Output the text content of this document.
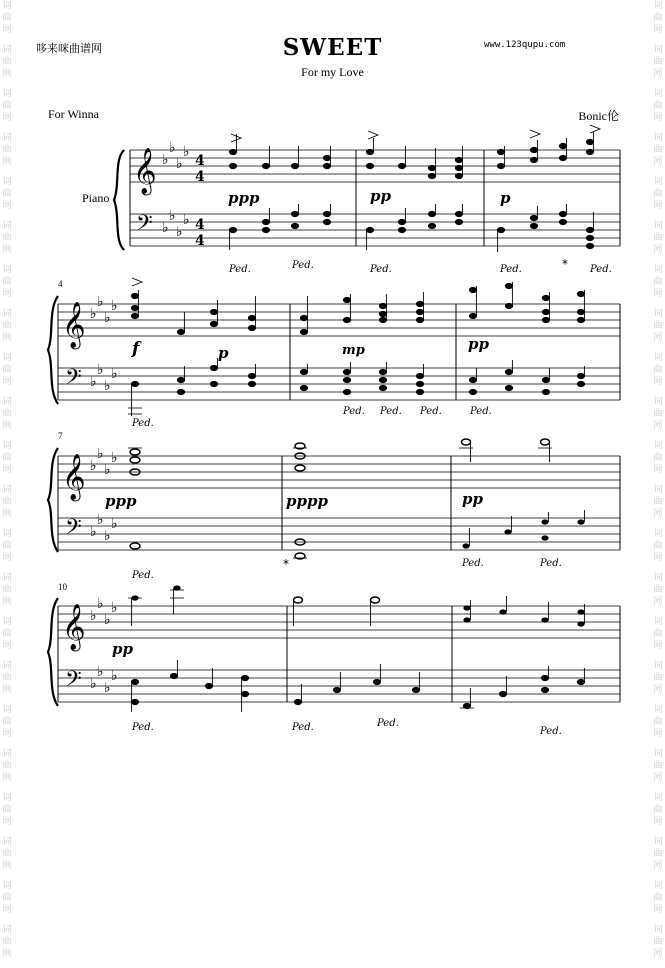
词
曲
网
词
曲
网
词
曲
网
词
曲
网
词
曲
网
词
曲
网
词
曲
网
词
曲
网
词
曲
网
词
曲
网
词
曲
网
词
曲
网
词
曲
网
词
曲
网
词
曲
网
词
曲
网
词
曲
网
词
曲
网
词
曲
网
词
曲
网
词
曲
网
词
曲
网
词
曲
网
词
曲
网
词
曲
网
词
曲
网
词
曲
网
词
曲
网
词
曲
网
词
曲
网
词
曲
网
词
曲
网
词
曲
网
词
曲
网
词
曲
网
词
曲
网
词
曲
网
词
曲
网
词
曲
网
词
曲
网
词
曲
网
词
曲
网
词
曲
网
词
曲
网
哆来咪曲谱网	www.123qupu.com
SWEET
For my Love
For Winna	Bonic伦
Piano
4
7
10
𝄞
𝄢
♭
♭
♭
♭
♭
♭
♭
♭
4
4
4
4
ppp	pp	p
Ped.	Ped.	Ped.	Ped.	* Ped.
𝄞
𝄢
♭
♭
♭
♭
♭
♭
♭
♭
f	p	mp	pp
Ped.
Ped. Ped. Ped.	Ped.
𝄞
𝄢
♭
♭
♭
♭
♭
♭
♭
♭
ppp	pppp	pp
Ped.
*	Ped.	Ped.
𝄞
𝄢
♭
♭
♭
♭
♭
♭
♭
♭
pp
Ped.	Ped.	Ped.
Ped.
